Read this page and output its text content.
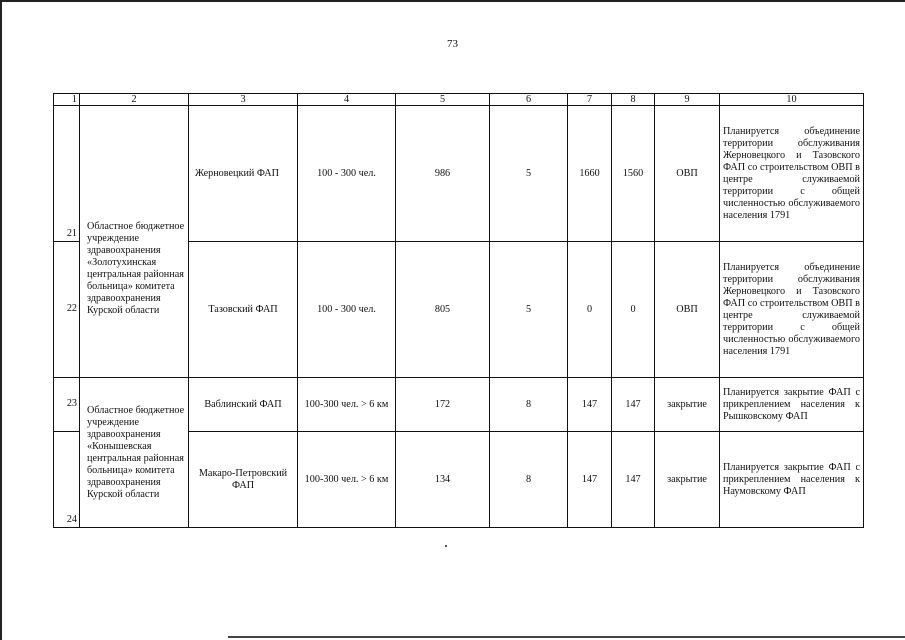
73
1	2	3	4	5	6	7	8	9	10
21	Областное бюджетное учреждение здравоохранения «Золотухинская центральная районная больница» комитета здравоохранения Курской области	Жерновецкий ФАП	100 - 300 чел.	986	5	1660	1560	ОВП	Планируется объединение территории обслуживания Жерновецкого и Тазовского ФАП со строительством ОВП в центре служиваемой территории с общей численностью обслуживаемого населения 1791
22		Тазовский ФАП	100 - 300 чел.	805	5	0	0	ОВП	Планируется объединение территории обслуживания Жерновецкого и Тазовского ФАП со строительством ОВП в центре служиваемой территории с общей численностью обслуживаемого населения 1791
23	Областное бюджетное учреждение здравоохранения «Конышевская центральная районная больница» комитета здравоохранения Курской области	Ваблинский ФАП	100-300 чел. > 6 км	172	8	147	147	закрытие	Планируется закрытие ФАП с прикреплением населения к Рышковскому ФАП
24		Макаро-Петровский ФАП	100-300 чел. > 6 км	134	8	147	147	закрытие	Планируется закрытие ФАП с прикреплением населения к Наумовскому ФАП
